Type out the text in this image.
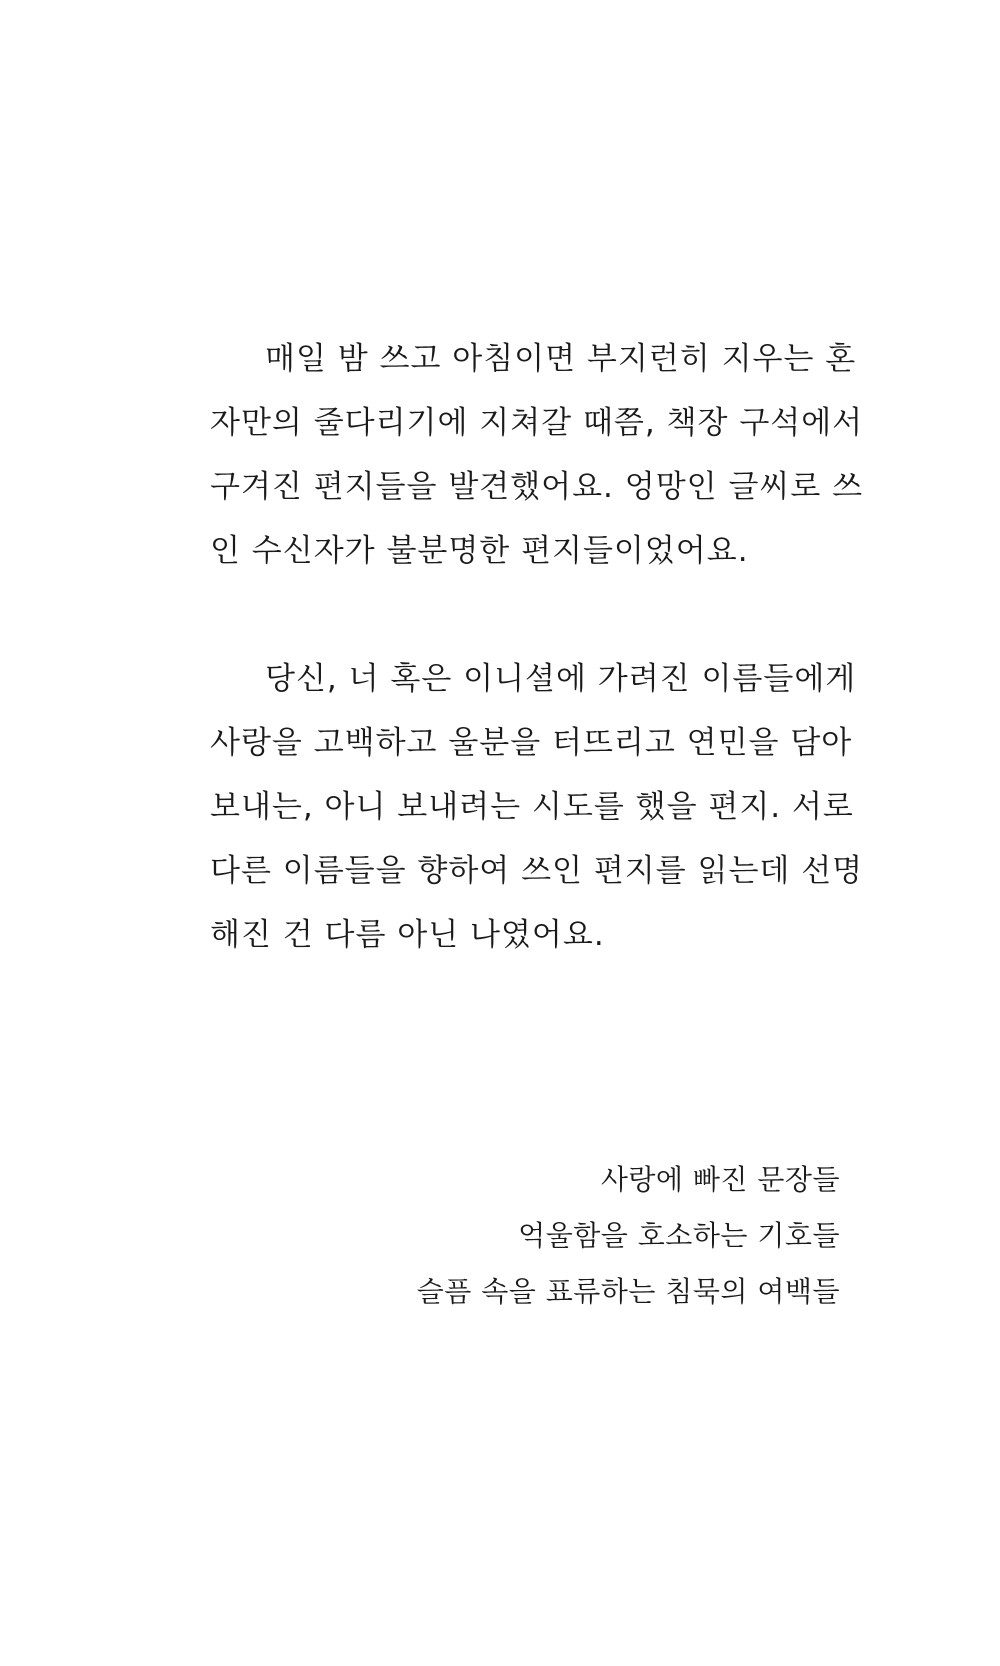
매일 밤 쓰고 아침이면 부지런히 지우는 혼
자만의 줄다리기에 지쳐갈 때쯤, 책장 구석에서
구겨진 편지들을 발견했어요. 엉망인 글씨로 쓰
인 수신자가 불분명한 편지들이었어요.
당신, 너 혹은 이니셜에 가려진 이름들에게
사랑을 고백하고 울분을 터뜨리고 연민을 담아
보내는, 아니 보내려는 시도를 했을 편지. 서로
다른 이름들을 향하여 쓰인 편지를 읽는데 선명
해진 건 다름 아닌 나였어요.
사랑에 빠진 문장들
억울함을 호소하는 기호들
슬픔 속을 표류하는 침묵의 여백들
